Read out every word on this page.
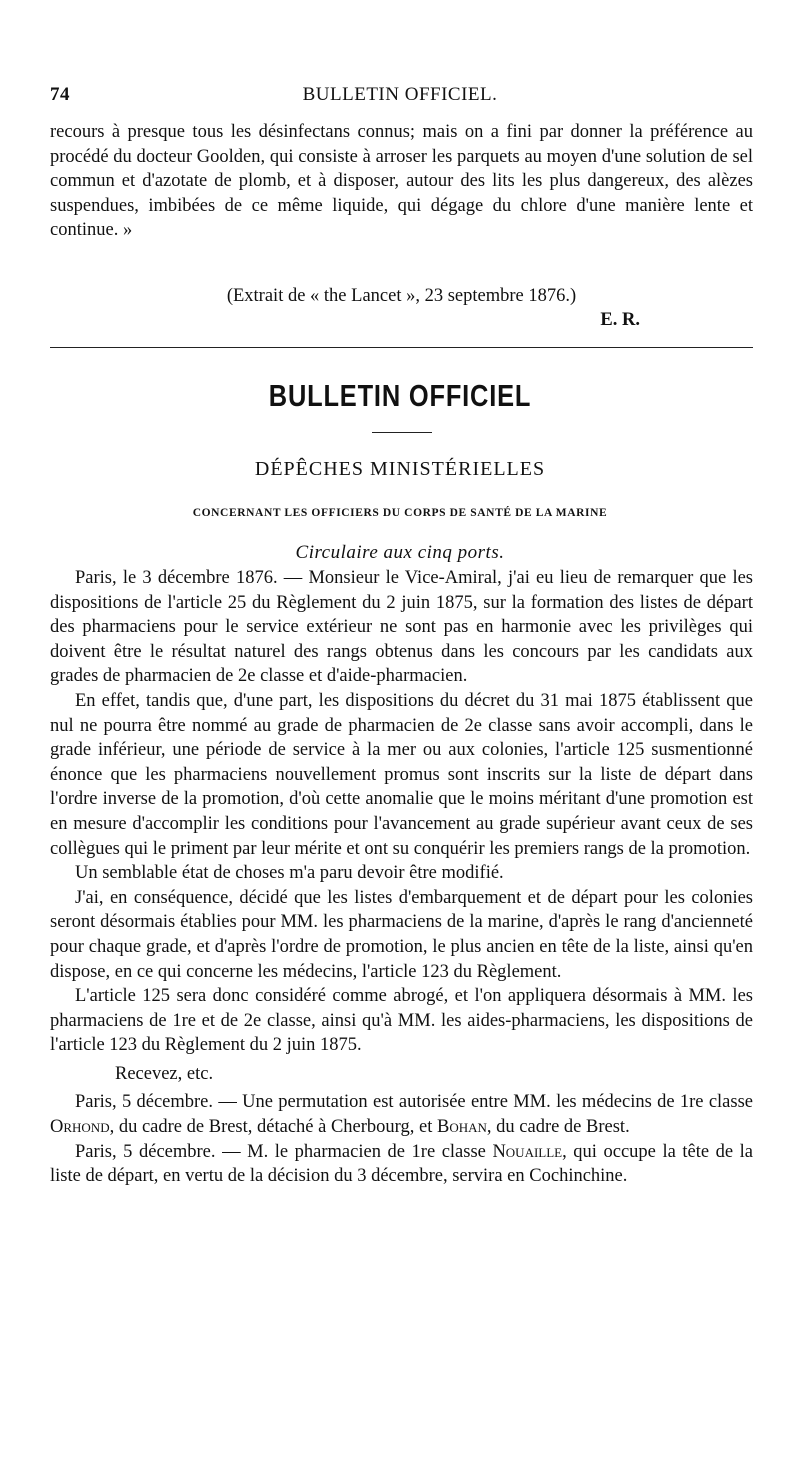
74	BULLETIN OFFICIEL.

recours à presque tous les désinfectans connus; mais on a fini par donner la préférence au procédé du docteur Goolden, qui consiste à arroser les parquets au moyen d'une solution de sel commun et d'azotate de plomb, et à disposer, autour des lits les plus dangereux, des alèzes suspendues, imbibées de ce même liquide, qui dégage du chlore d'une manière lente et continue. »

(Extrait de « the Lancet », 23 septembre 1876.)
E. R.
BULLETIN OFFICIEL
DÉPÊCHES MINISTÉRIELLES
CONCERNANT LES OFFICIERS DU CORPS DE SANTÉ DE LA MARINE
Circulaire aux cinq ports.

Paris, le 3 décembre 1876. — Monsieur le Vice-Amiral, j'ai eu lieu de remarquer que les dispositions de l'article 25 du Règlement du 2 juin 1875, sur la formation des listes de départ des pharmaciens pour le service extérieur ne sont pas en harmonie avec les privilèges qui doivent être le résultat naturel des rangs obtenus dans les concours par les candidats aux grades de pharmacien de 2e classe et d'aide-pharmacien.

En effet, tandis que, d'une part, les dispositions du décret du 31 mai 1875 établissent que nul ne pourra être nommé au grade de pharmacien de 2e classe sans avoir accompli, dans le grade inférieur, une période de service à la mer ou aux colonies, l'article 125 susmentionné énonce que les pharmaciens nouvellement promus sont inscrits sur la liste de départ dans l'ordre inverse de la promotion, d'où cette anomalie que le moins méritant d'une promotion est en mesure d'accomplir les conditions pour l'avancement au grade supérieur avant ceux de ses collègues qui le priment par leur mérite et ont su conquérir les premiers rangs de la promotion.

Un semblable état de choses m'a paru devoir être modifié.

J'ai, en conséquence, décidé que les listes d'embarquement et de départ pour les colonies seront désormais établies pour MM. les pharmaciens de la marine, d'après le rang d'ancienneté pour chaque grade, et d'après l'ordre de promotion, le plus ancien en tête de la liste, ainsi qu'en dispose, en ce qui concerne les médecins, l'article 123 du Règlement.

L'article 125 sera donc considéré comme abrogé, et l'on appliquera désormais à MM. les pharmaciens de 1re et de 2e classe, ainsi qu'à MM. les aides-pharmaciens, les dispositions de l'article 123 du Règlement du 2 juin 1875.

Recevez, etc.

Paris, 5 décembre. — Une permutation est autorisée entre MM. les médecins de 1re classe Orhond, du cadre de Brest, détaché à Cherbourg, et Bohan, du cadre de Brest.

Paris, 5 décembre. — M. le pharmacien de 1re classe Nouaille, qui occupe la tête de la liste de départ, en vertu de la décision du 3 décembre, servira en Cochinchine.
